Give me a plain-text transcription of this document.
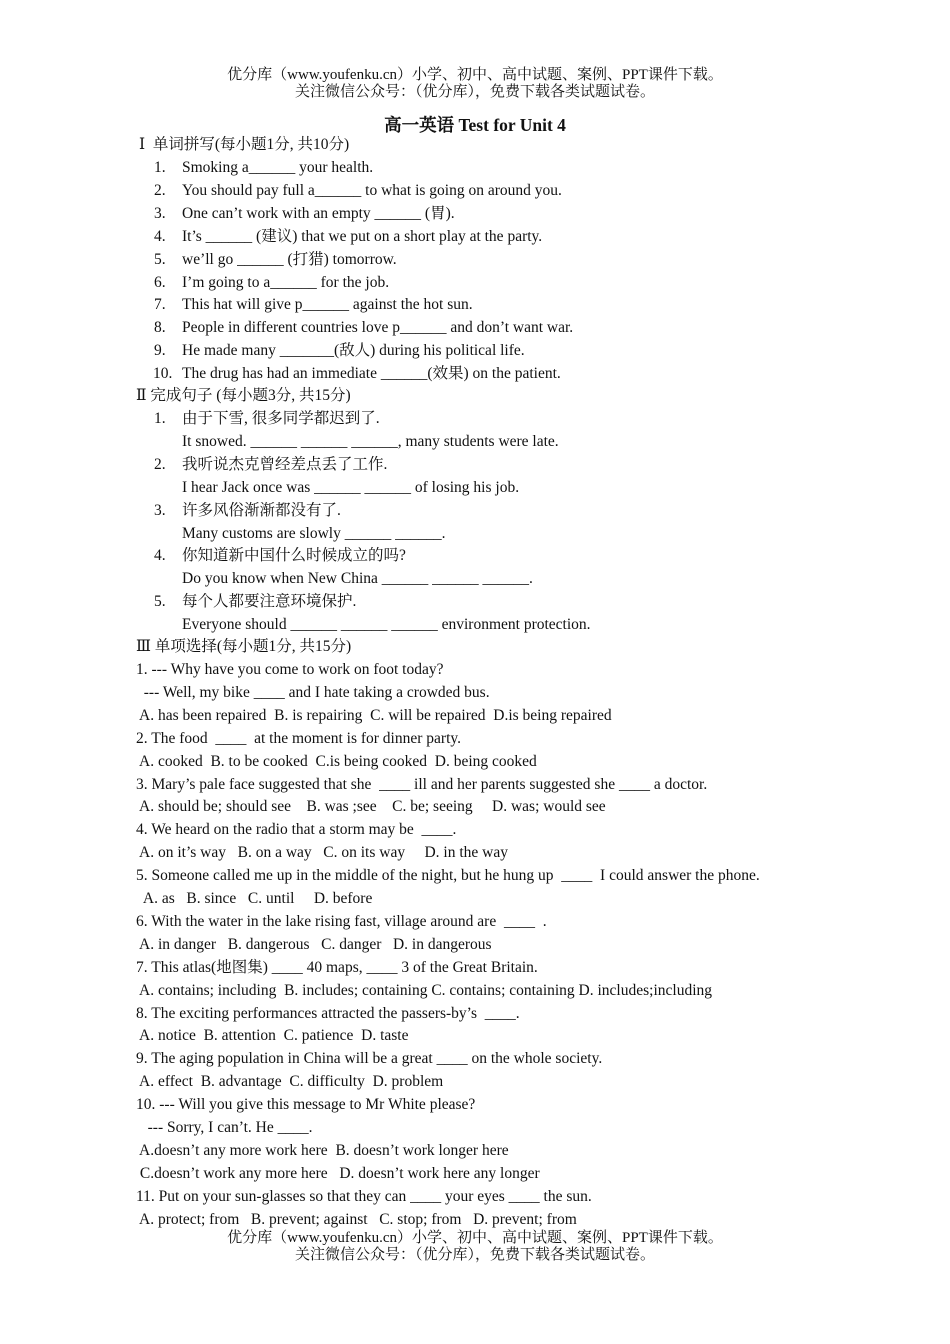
优分库（www.youfenku.cn）小学、初中、高中试题、案例、PPT课件下载。
关注微信公众号：（优分库），免费下载各类试题试卷。
高一英语 Test for Unit 4
Ⅰ  单词拼写(每小题1分, 共10分)
1. Smoking a______ your health.
2. You should pay full a______ to what is going on around you.
3. One can’t work with an empty ______ (胃).
4. It’s ______ (建议) that we put on a short play at the party.
5. we’ll go ______ (打猎) tomorrow.
6. I’m going to a______ for the job.
7. This hat will give p______ against the hot sun.
8. People in different countries love p______ and don’t want war.
9. He made many _______(敌人) during his political life.
10. The drug has had an immediate ______(效果) on the patient.
Ⅱ 完成句子 (每小题3分, 共15分)
1. 由于下雪, 很多同学都迟到了.
It snowed. ______ ______ ______, many students were late.
2. 我听说杰克曾经差点丢了工作.
I hear Jack once was ______ ______ of losing his job.
3. 许多风俗渐渐都没有了.
Many customs are slowly ______ ______.
4. 你知道新中国什么时候成立的吗?
Do you know when New China ______ ______ ______.
5. 每个人都要注意环境保护.
Everyone should ______ ______ ______ environment protection.
Ⅲ 单项选择(每小题1分, 共15分)
1. --- Why have you come to work on foot today?
--- Well, my bike ____ and I hate taking a crowded bus.
A. has been repaired  B. is repairing  C. will be repaired  D.is being repaired
2. The food  ____  at the moment is for dinner party.
A. cooked  B. to be cooked  C.is being cooked  D. being cooked
3. Mary’s pale face suggested that she  ____ ill and her parents suggested she ____ a doctor.
A. should be; should see    B. was ;see    C. be; seeing     D. was; would see
4. We heard on the radio that a storm may be  ____.
A. on it’s way   B. on a way   C. on its way     D. in the way
5. Someone called me up in the middle of the night, but he hung up  ____  I could answer the phone.
A. as   B. since   C. until     D. before
6. With the water in the lake rising fast, village around are  ____  .
A. in danger   B. dangerous   C. danger   D. in dangerous
7. This atlas(地图集) ____ 40 maps, ____ 3 of the Great Britain.
A. contains; including  B. includes; containing C. contains; containing D. includes;including
8. The exciting performances attracted the passers-by’s  ____.
A. notice  B. attention  C. patience  D. taste
9. The aging population in China will be a great ____ on the whole society.
A. effect  B. advantage  C. difficulty  D. problem
10. --- Will you give this message to Mr White please?
--- Sorry, I can’t. He ____.
A.doesn’t any more work here  B. doesn’t work longer here
C.doesn’t work any more here   D. doesn’t work here any longer
11. Put on your sun-glasses so that they can ____ your eyes ____ the sun.
A. protect; from   B. prevent; against   C. stop; from   D. prevent; from
优分库（www.youfenku.cn）小学、初中、高中试题、案例、PPT课件下载。
关注微信公众号：（优分库），免费下载各类试题试卷。
